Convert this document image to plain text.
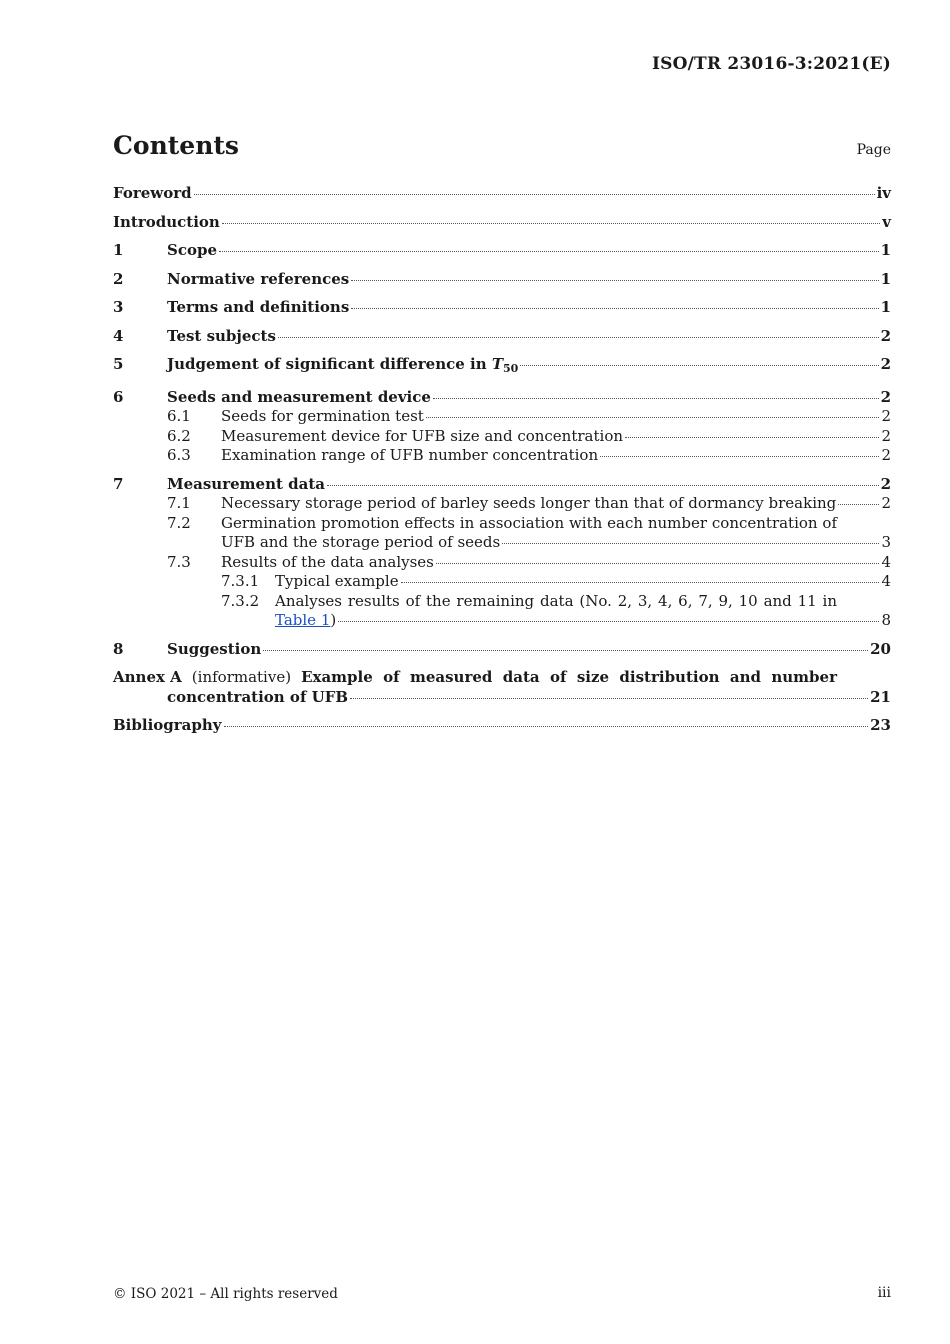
ISO/TR 23016-3:2021(E)
Contents	Page
Foreword	iv
Introduction	v
1	Scope	1
2	Normative references	1
3	Terms and definitions	1
4	Test subjects	2
5	Judgement of significant difference in $T_{50}$	2
6	Seeds and measurement device	2
6.1	Seeds for germination test	2
6.2	Measurement device for UFB size and concentration	2
6.3	Examination range of UFB number concentration	2
7	Measurement data	2
7.1	Necessary storage period of barley seeds longer than that of dormancy breaking	2
7.2	Germination promotion effects in association with each number concentration of
UFB and the storage period of seeds	3
7.3	Results of the data analyses	4
7.3.1	Typical example	4
7.3.2	Analyses results of the remaining data (No. 2, 3, 4, 6, 7, 9, 10 and 11 in
Table 1)	8
8	Suggestion	20
Annex A (informative) Example of measured data of size distribution and number
concentration of UFB	21
Bibliography	23
© ISO 2021 – All rights reserved	iii
